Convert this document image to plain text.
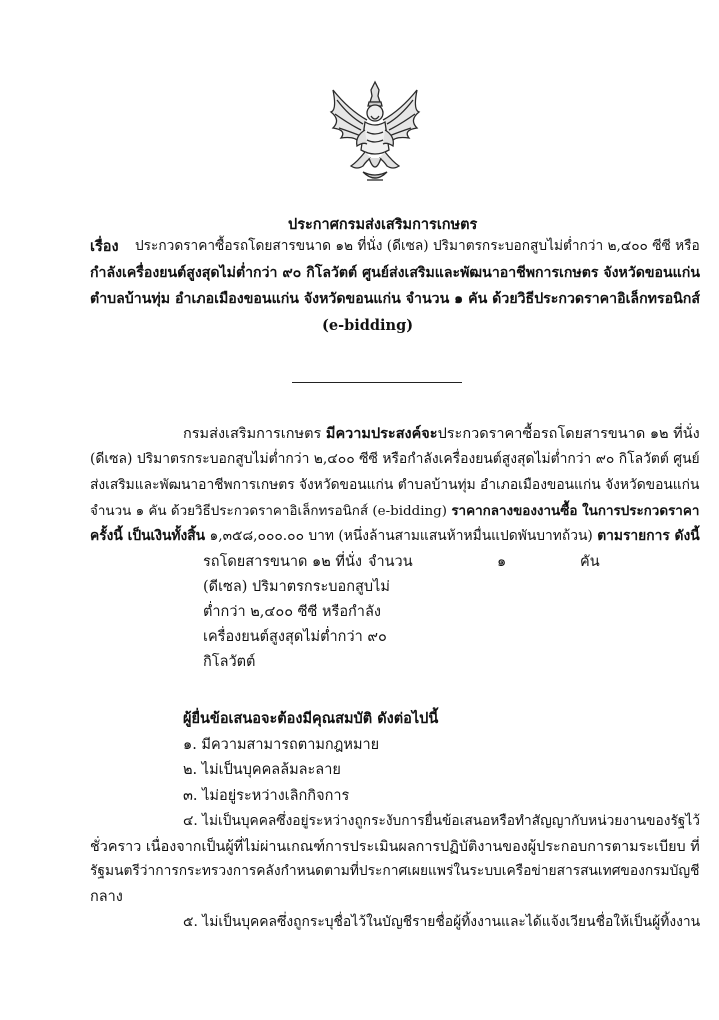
ประกาศกรมส่งเสริมการเกษตร
เรื่อง ประกวดราคาซื้อรถโดยสารขนาด ๑๒ ที่นั่ง (ดีเซล) ปริมาตรกระบอกสูบไม่ต่ำกว่า ๒,๔๐๐ ซีซี หรือ
กำลังเครื่องยนต์สูงสุดไม่ต่ำกว่า ๙๐ กิโลวัตต์ ศูนย์ส่งเสริมและพัฒนาอาชีพการเกษตร จังหวัดขอนแก่น
ตำบลบ้านทุ่ม อำเภอเมืองขอนแก่น จังหวัดขอนแก่น จำนวน ๑ คัน ด้วยวิธีประกวดราคาอิเล็กทรอนิกส์
(e-bidding)
กรมส่งเสริมการเกษตร มีความประสงค์จะประกวดราคาซื้อรถโดยสารขนาด ๑๒ ที่นั่ง
(ดีเซล) ปริมาตรกระบอกสูบไม่ต่ำกว่า ๒,๔๐๐ ซีซี หรือกำลังเครื่องยนต์สูงสุดไม่ต่ำกว่า ๙๐ กิโลวัตต์ ศูนย์
ส่งเสริมและพัฒนาอาชีพการเกษตร จังหวัดขอนแก่น ตำบลบ้านทุ่ม อำเภอเมืองขอนแก่น จังหวัดขอนแก่น
จำนวน ๑ คัน ด้วยวิธีประกวดราคาอิเล็กทรอนิกส์ (e-bidding) ราคากลางของงานซื้อ ในการประกวดราคา
ครั้งนี้ เป็นเงินทั้งสิ้น ๑,๓๕๘,๐๐๐.๐๐ บาท (หนึ่งล้านสามแสนห้าหมื่นแปดพันบาทถ้วน) ตามรายการ ดังนี้
รถโดยสารขนาด ๑๒ ที่นั่ง
(ดีเซล) ปริมาตรกระบอกสูบไม่
ต่ำกว่า ๒,๔๐๐ ซีซี หรือกำลัง
เครื่องยนต์สูงสุดไม่ต่ำกว่า ๙๐
กิโลวัตต์
จำนวน	๑	คัน
ผู้ยื่นข้อเสนอจะต้องมีคุณสมบัติ ดังต่อไปนี้
๑. มีความสามารถตามกฎหมาย
๒. ไม่เป็นบุคคลล้มละลาย
๓. ไม่อยู่ระหว่างเลิกกิจการ
๔. ไม่เป็นบุคคลซึ่งอยู่ระหว่างถูกระงับการยื่นข้อเสนอหรือทำสัญญากับหน่วยงานของรัฐไว้
ชั่วคราว เนื่องจากเป็นผู้ที่ไม่ผ่านเกณฑ์การประเมินผลการปฏิบัติงานของผู้ประกอบการตามระเบียบ ที่
รัฐมนตรีว่าการกระทรวงการคลังกำหนดตามที่ประกาศเผยแพร่ในระบบเครือข่ายสารสนเทศของกรมบัญชี
กลาง
๕. ไม่เป็นบุคคลซึ่งถูกระบุชื่อไว้ในบัญชีรายชื่อผู้ทิ้งงานและได้แจ้งเวียนชื่อให้เป็นผู้ทิ้งงาน
